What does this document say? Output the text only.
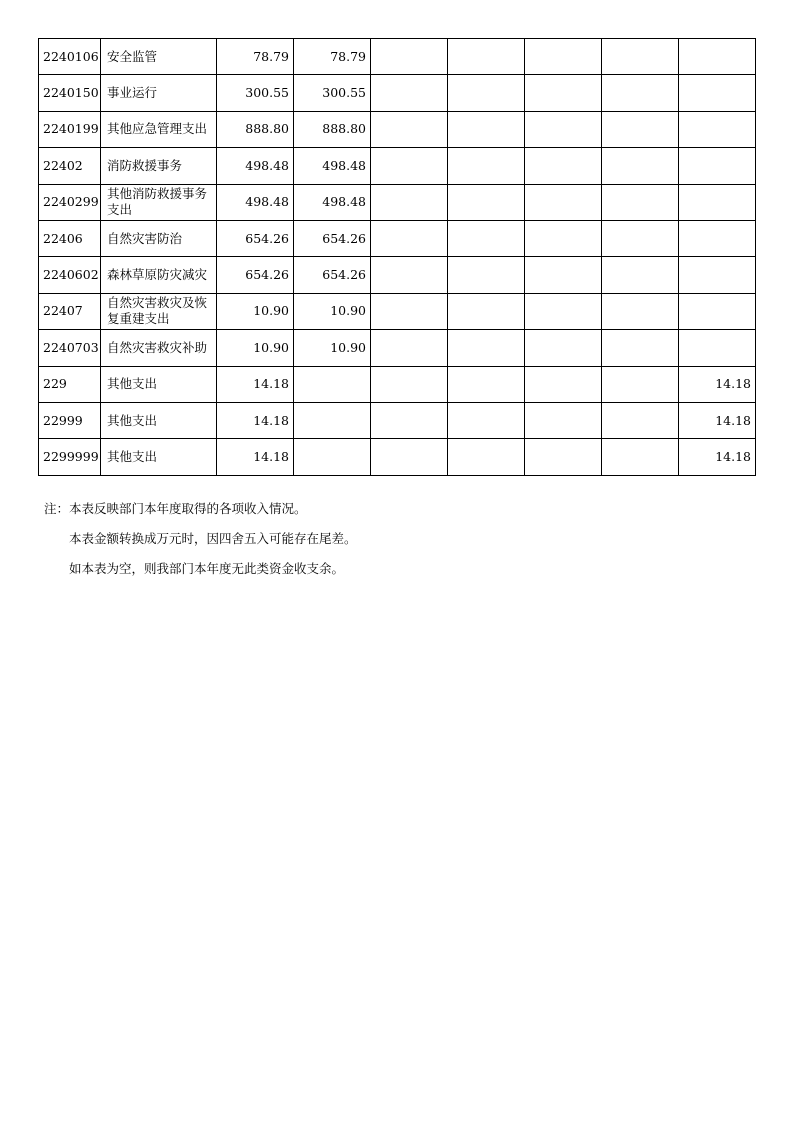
2240106	安全监管	78.79	78.79					
2240150	事业运行	300.55	300.55					
2240199	其他应急管理支出	888.80	888.80					
22402	消防救援事务	498.48	498.48					
2240299	其他消防救援事务支出	498.48	498.48					
22406	自然灾害防治	654.26	654.26					
2240602	森林草原防灾减灾	654.26	654.26					
22407	自然灾害救灾及恢复重建支出	10.90	10.90					
2240703	自然灾害救灾补助	10.90	10.90					
229	其他支出	14.18						14.18
22999	其他支出	14.18						14.18
2299999	其他支出	14.18						14.18

注：本表反映部门本年度取得的各项收入情况。

本表金额转换成万元时，因四舍五入可能存在尾差。

如本表为空，则我部门本年度无此类资金收支余。
